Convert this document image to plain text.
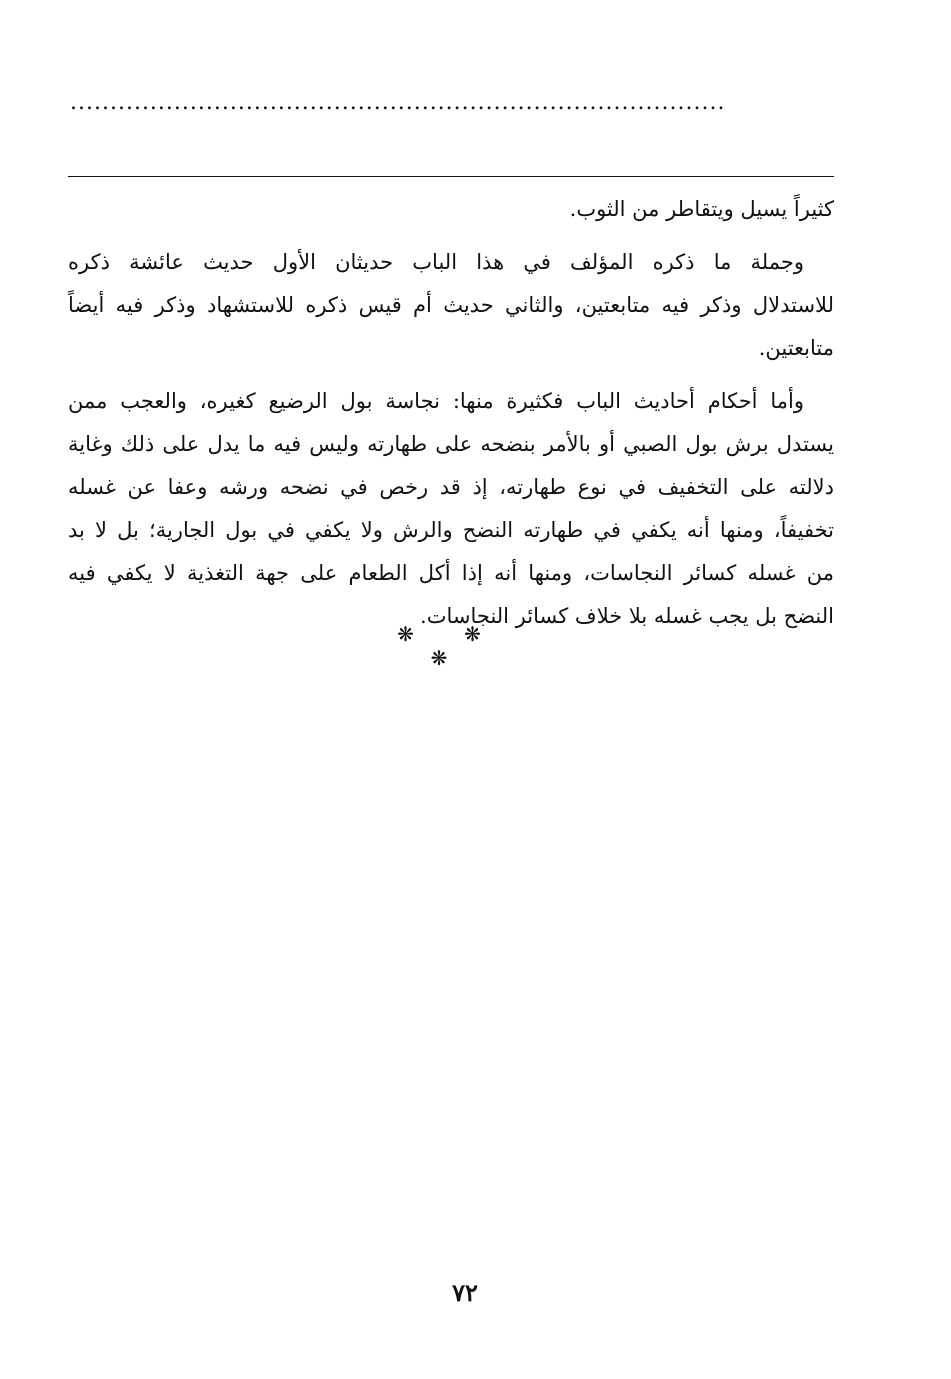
..................................................................................

كثيراً يسيل ويتقاطر من الثوب.

وجملة ما ذكره المؤلف في هذا الباب حديثان الأول حديث عائشة ذكره
للاستدلال وذكر فيه متابعتين، والثاني حديث أم قيس ذكره للاستشهاد وذكر فيه أيضاً
متابعتين.

وأما أحكام أحاديث الباب فكثيرة منها: نجاسة بول الرضيع كغيره، والعجب ممن
يستدل برش بول الصبي أو بالأمر بنضحه على طهارته وليس فيه ما يدل على ذلك وغاية
دلالته على التخفيف في نوع طهارته، إذ قد رخص في نضحه ورشه وعفا عن غسله
تخفيفاً، ومنها أنه يكفي في طهارته النضح والرش ولا يكفي في بول الجارية؛ بل لا بد
من غسله كسائر النجاسات، ومنها أنه إذا أكل الطعام على جهة التغذية لا يكفي فيه
النضح بل يجب غسله بلا خلاف كسائر النجاسات.

❋ ❋ ❋
٧٢
